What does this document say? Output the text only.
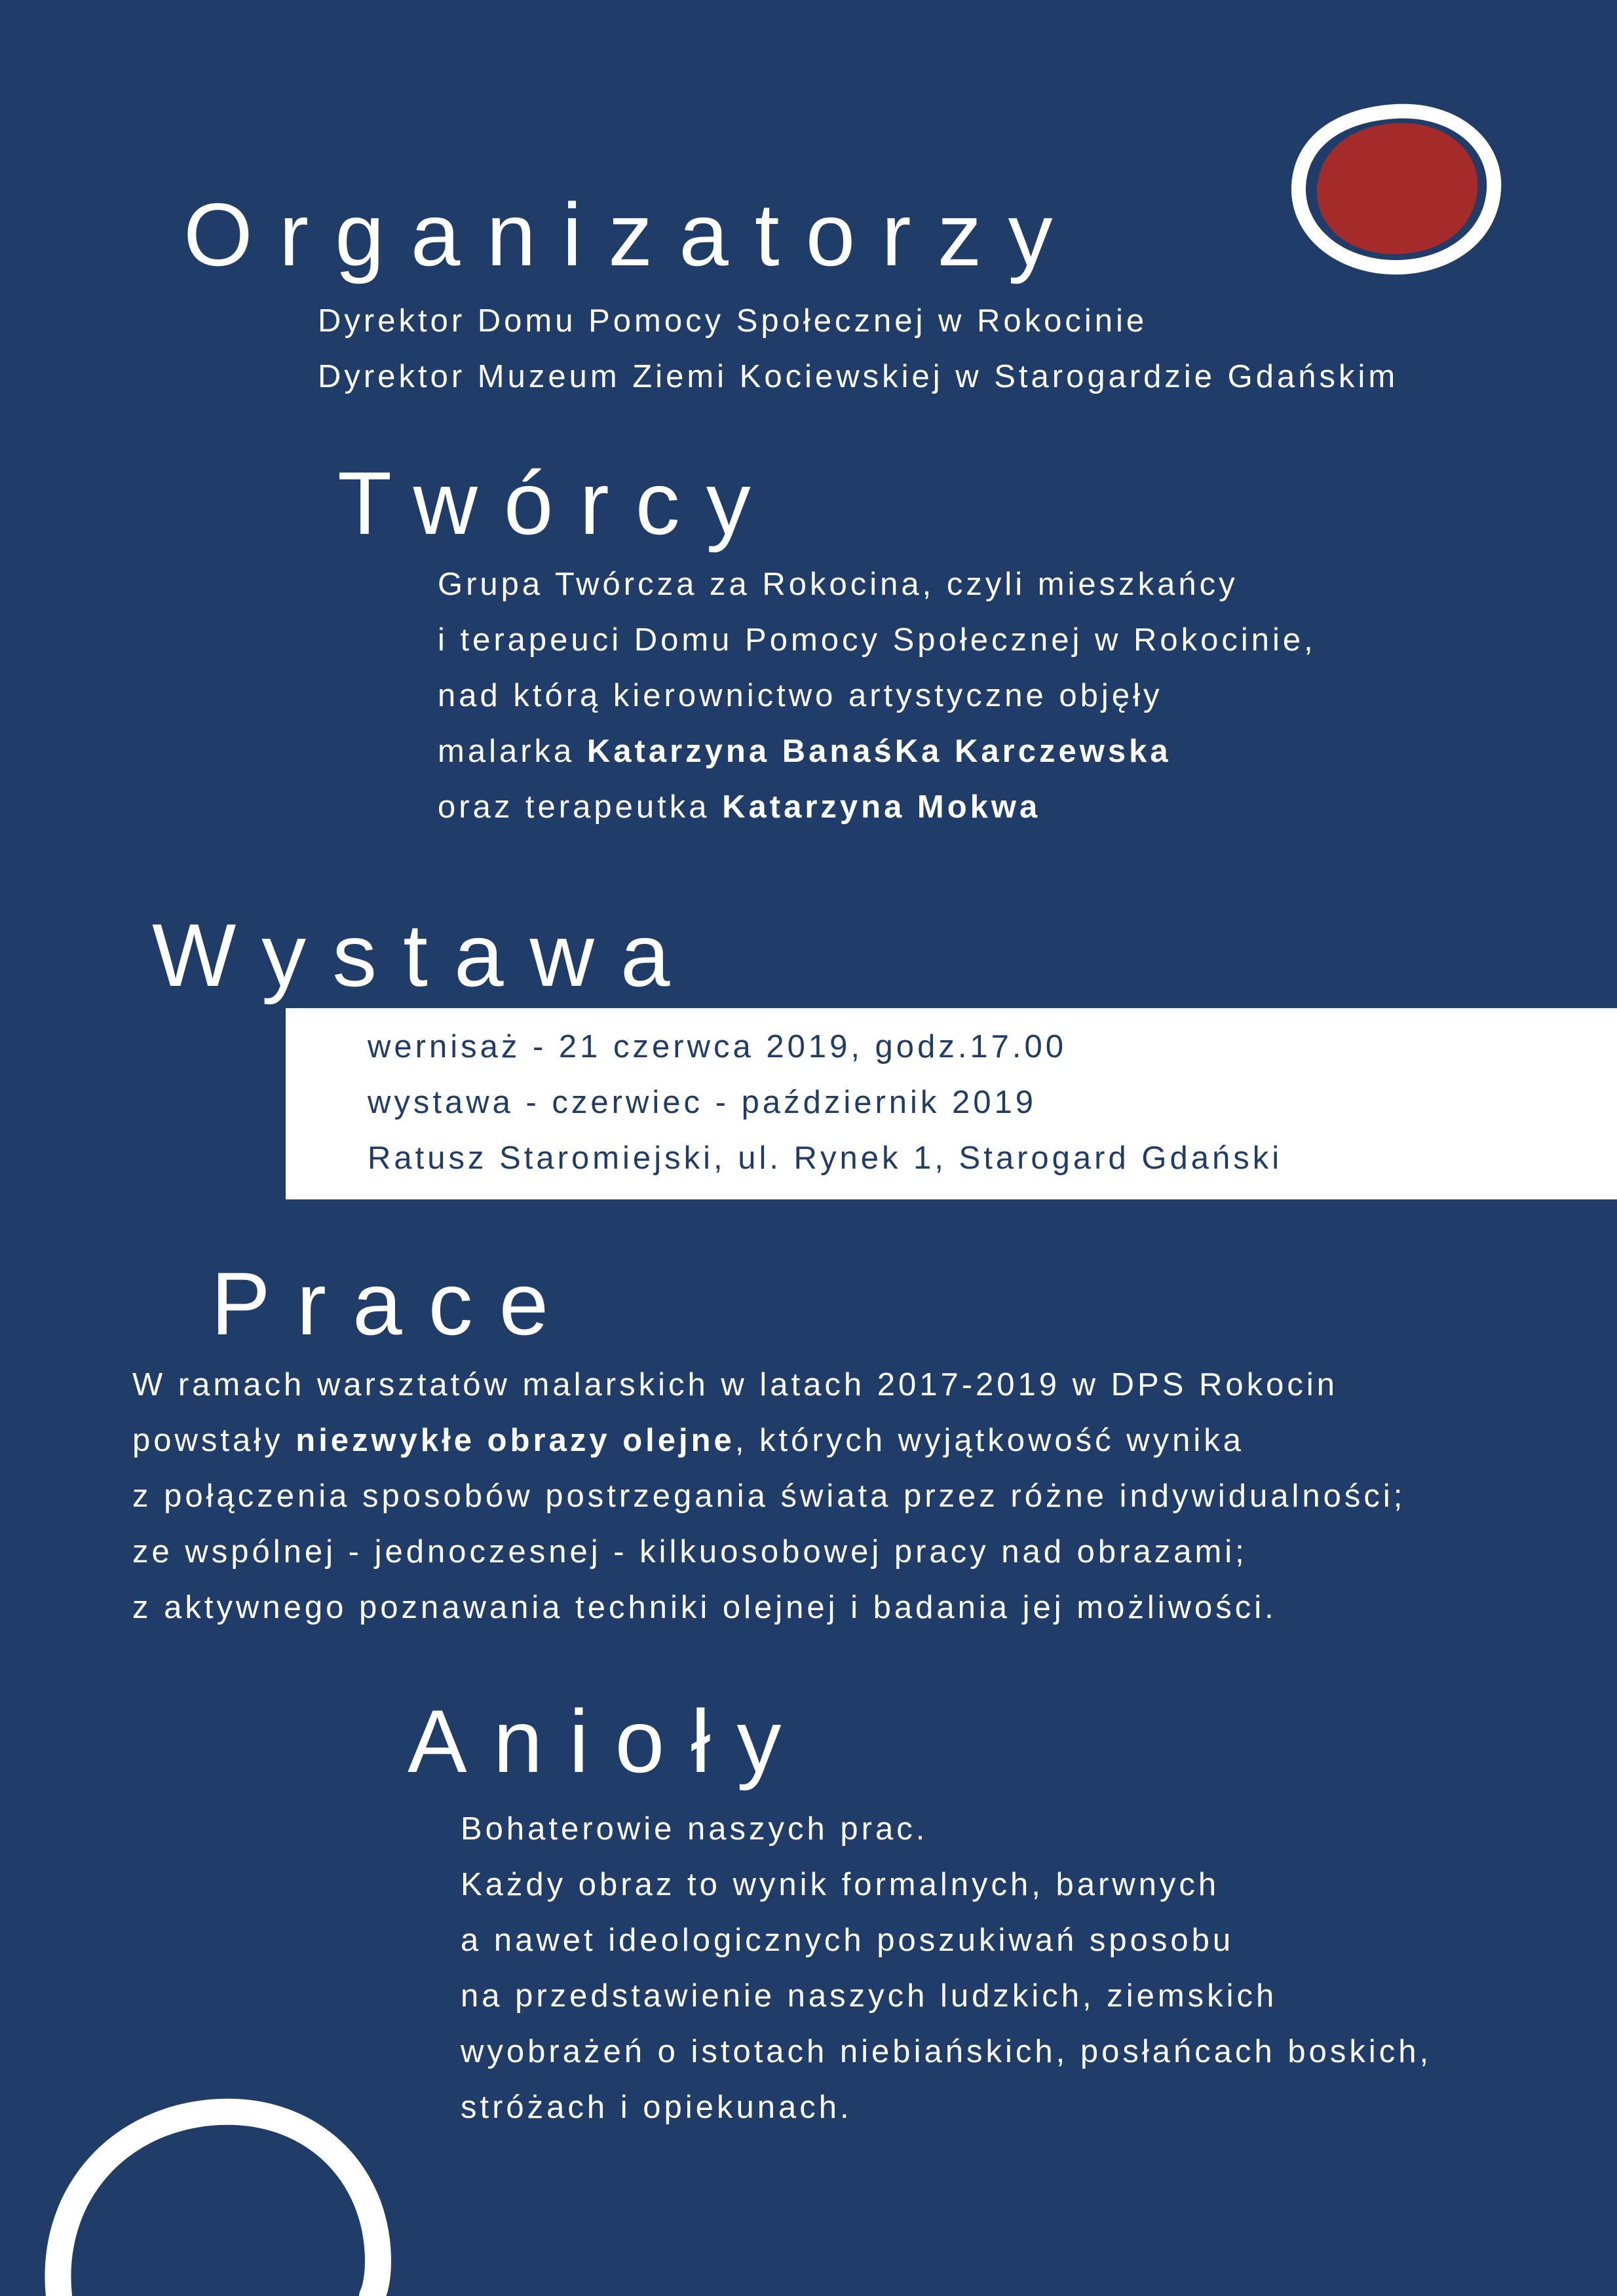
Organizatorzy
Dyrektor Domu Pomocy Społecznej w Rokocinie
Dyrektor Muzeum Ziemi Kociewskiej w Starogardzie Gdańskim
Twórcy
Grupa Twórcza za Rokocina, czyli mieszkańcy
i terapeuci Domu Pomocy Społecznej w Rokocinie,
nad którą kierownictwo artystyczne objęły
malarka Katarzyna BanaśKa Karczewska
oraz terapeutka Katarzyna Mokwa
Wystawa
wernisaż - 21 czerwca 2019, godz.17.00
wystawa - czerwiec - październik 2019
Ratusz Staromiejski, ul. Rynek 1, Starogard Gdański
Prace
W ramach warsztatów malarskich w latach 2017-2019 w DPS Rokocin
powstały niezwykłe obrazy olejne, których wyjątkowość wynika
z połączenia sposobów postrzegania świata przez różne indywidualności;
ze wspólnej - jednoczesnej - kilkuosobowej pracy nad obrazami;
z aktywnego poznawania techniki olejnej i badania jej możliwości.
Anioły
Bohaterowie naszych prac.
Każdy obraz to wynik formalnych, barwnych
a nawet ideologicznych poszukiwań sposobu
na przedstawienie naszych ludzkich, ziemskich
wyobrażeń o istotach niebiańskich, posłańcach boskich,
stróżach i opiekunach.
